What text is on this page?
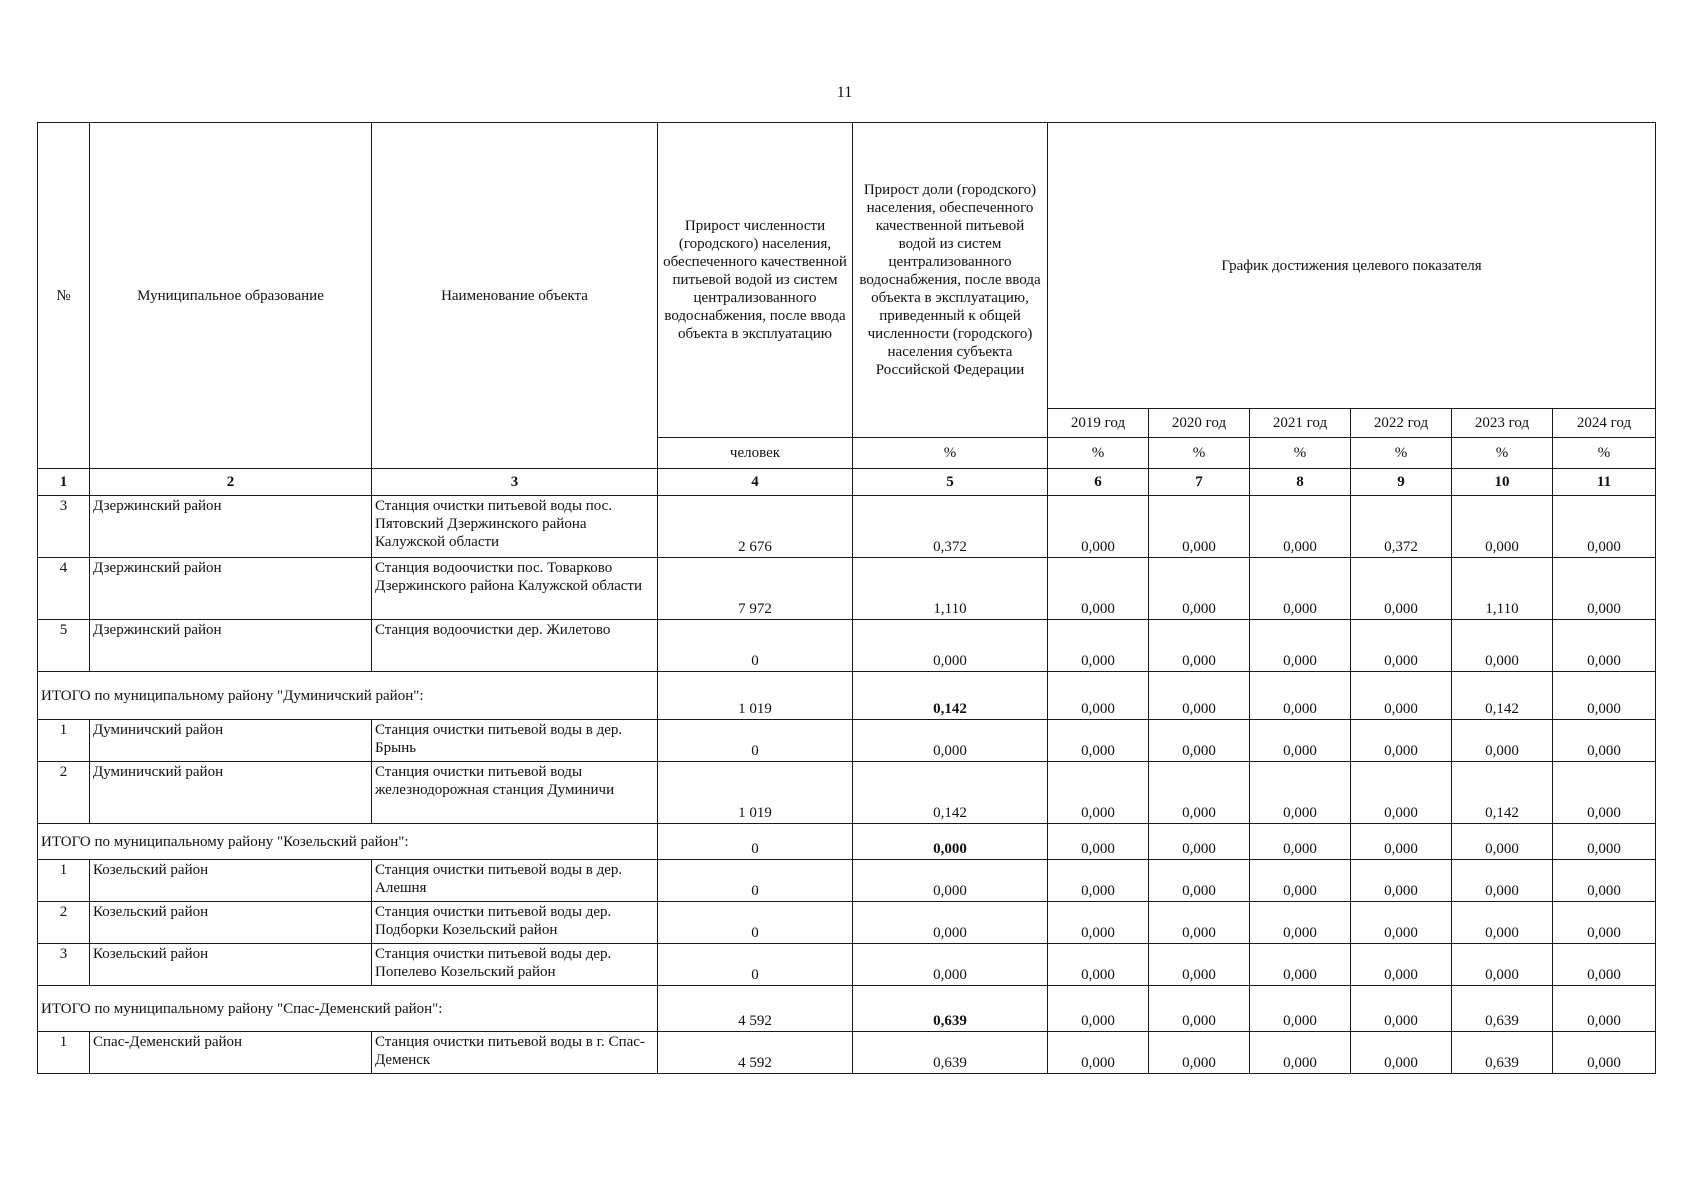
11
№	Муниципальное образование	Наименование объекта	Прирост численности (городского) населения, обеспеченного качественной питьевой водой из систем централизованного водоснабжения, после ввода объекта в эксплуатацию	Прирост доли (городского) населения, обеспеченного качественной питьевой водой из систем централизованного водоснабжения, после ввода объекта в эксплуатацию, приведенный к общей численности (городского) населения субъекта Российской Федерации	График достижения целевого показателя					
					2019 год	2020 год	2021 год	2022 год	2023 год	2024 год
			человек	%	%	%	%	%	%	%
1	2	3	4	5	6	7	8	9	10	11
3	Дзержинский район	Станция очистки питьевой воды пос. Пятовский Дзержинского района Калужской области	2 676	0,372	0,000	0,000	0,000	0,372	0,000	0,000
4	Дзержинский район	Станция водоочистки пос. Товарково Дзержинского района Калужской области	7 972	1,110	0,000	0,000	0,000	0,000	1,110	0,000
5	Дзержинский район	Станция водоочистки дер. Жилетово	0	0,000	0,000	0,000	0,000	0,000	0,000	0,000
ИТОГО по муниципальному району "Думиничский район":			1 019	0,142	0,000	0,000	0,000	0,000	0,142	0,000
1	Думиничский район	Станция очистки питьевой воды в дер. Брынь	0	0,000	0,000	0,000	0,000	0,000	0,000	0,000
2	Думиничский район	Станция очистки питьевой воды железнодорожная станция Думиничи	1 019	0,142	0,000	0,000	0,000	0,000	0,142	0,000
ИТОГО по муниципальному району "Козельский район":			0	0,000	0,000	0,000	0,000	0,000	0,000	0,000
1	Козельский район	Станция очистки питьевой воды в дер. Алешня	0	0,000	0,000	0,000	0,000	0,000	0,000	0,000
2	Козельский район	Станция очистки питьевой воды дер. Подборки Козельский район	0	0,000	0,000	0,000	0,000	0,000	0,000	0,000
3	Козельский район	Станция очистки питьевой воды дер. Попелево Козельский район	0	0,000	0,000	0,000	0,000	0,000	0,000	0,000
ИТОГО по муниципальному району "Спас-Деменский район":			4 592	0,639	0,000	0,000	0,000	0,000	0,639	0,000
1	Спас-Деменский район	Станция очистки питьевой воды в г. Спас-Деменск	4 592	0,639	0,000	0,000	0,000	0,000	0,639	0,000
